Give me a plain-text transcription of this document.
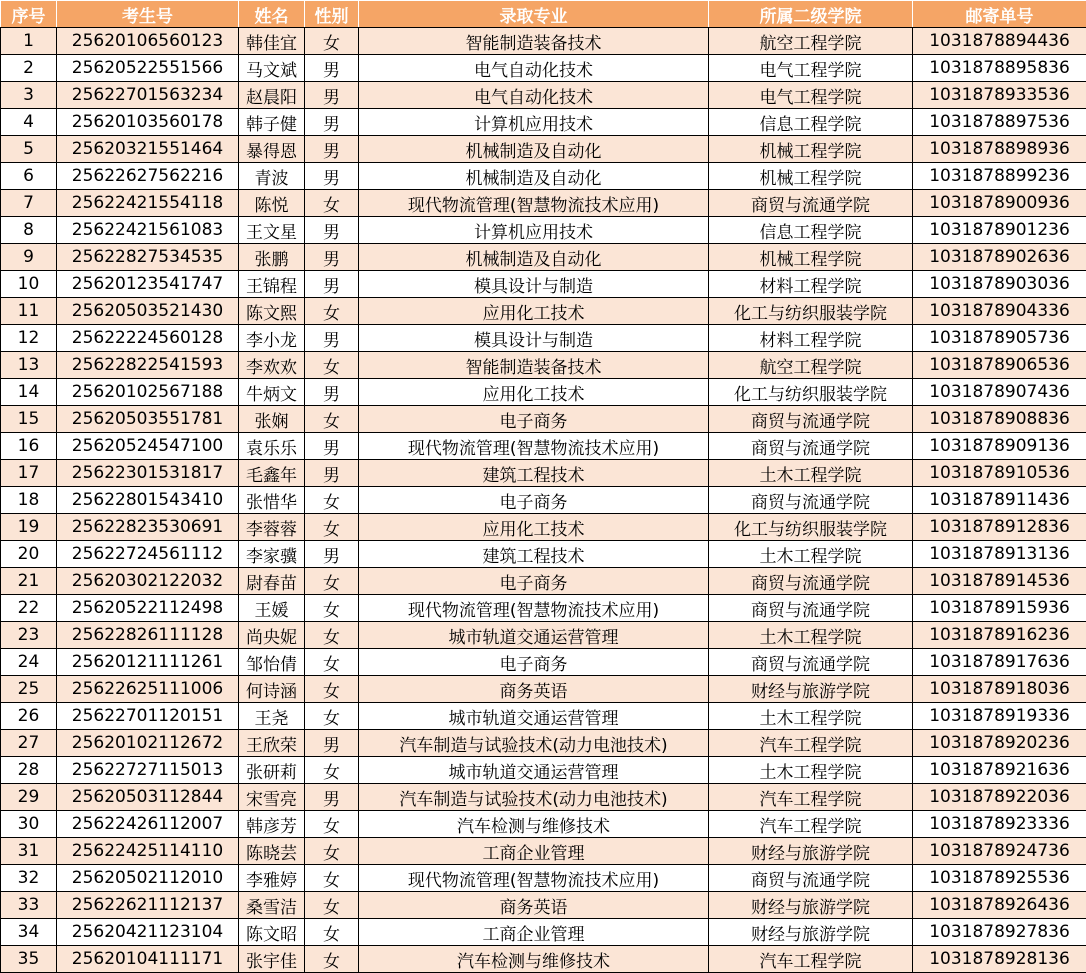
序号	考生号	姓名	性别	录取专业	所属二级学院	邮寄单号
1	25620106560123	韩佳宜	女	智能制造装备技术	航空工程学院	1031878894436
2	25620522551566	马文斌	男	电气自动化技术	电气工程学院	1031878895836
3	25622701563234	赵晨阳	男	电气自动化技术	电气工程学院	1031878933536
4	25620103560178	韩子健	男	计算机应用技术	信息工程学院	1031878897536
5	25620321551464	暴得恩	男	机械制造及自动化	机械工程学院	1031878898936
6	25622627562216	青波	男	机械制造及自动化	机械工程学院	1031878899236
7	25622421554118	陈悦	女	现代物流管理(智慧物流技术应用)	商贸与流通学院	1031878900936
8	25622421561083	王文星	男	计算机应用技术	信息工程学院	1031878901236
9	25622827534535	张鹏	男	机械制造及自动化	机械工程学院	1031878902636
10	25620123541747	王锦程	男	模具设计与制造	材料工程学院	1031878903036
11	25620503521430	陈文熙	女	应用化工技术	化工与纺织服装学院	1031878904336
12	25622224560128	李小龙	男	模具设计与制造	材料工程学院	1031878905736
13	25622822541593	李欢欢	女	智能制造装备技术	航空工程学院	1031878906536
14	25620102567188	牛炳文	男	应用化工技术	化工与纺织服装学院	1031878907436
15	25620503551781	张娴	女	电子商务	商贸与流通学院	1031878908836
16	25620524547100	袁乐乐	男	现代物流管理(智慧物流技术应用)	商贸与流通学院	1031878909136
17	25622301531817	毛鑫年	男	建筑工程技术	土木工程学院	1031878910536
18	25622801543410	张惜华	女	电子商务	商贸与流通学院	1031878911436
19	25622823530691	李蓉蓉	女	应用化工技术	化工与纺织服装学院	1031878912836
20	25622724561112	李家骥	男	建筑工程技术	土木工程学院	1031878913136
21	25620302122032	尉春苗	女	电子商务	商贸与流通学院	1031878914536
22	25620522112498	王媛	女	现代物流管理(智慧物流技术应用)	商贸与流通学院	1031878915936
23	25622826111128	尚央妮	女	城市轨道交通运营管理	土木工程学院	1031878916236
24	25620121111261	邹怡倩	女	电子商务	商贸与流通学院	1031878917636
25	25622625111006	何诗涵	女	商务英语	财经与旅游学院	1031878918036
26	25622701120151	王尧	女	城市轨道交通运营管理	土木工程学院	1031878919336
27	25620102112672	王欣荣	男	汽车制造与试验技术(动力电池技术)	汽车工程学院	1031878920236
28	25622727115013	张研莉	女	城市轨道交通运营管理	土木工程学院	1031878921636
29	25620503112844	宋雪亮	男	汽车制造与试验技术(动力电池技术)	汽车工程学院	1031878922036
30	25622426112007	韩彦芳	女	汽车检测与维修技术	汽车工程学院	1031878923336
31	25622425114110	陈晓芸	女	工商企业管理	财经与旅游学院	1031878924736
32	25620502112010	李雅婷	女	现代物流管理(智慧物流技术应用)	商贸与流通学院	1031878925536
33	25622621112137	桑雪洁	女	商务英语	财经与旅游学院	1031878926436
34	25620421123104	陈文昭	女	工商企业管理	财经与旅游学院	1031878927836
35	25620104111171	张宇佳	女	汽车检测与维修技术	汽车工程学院	1031878928136
